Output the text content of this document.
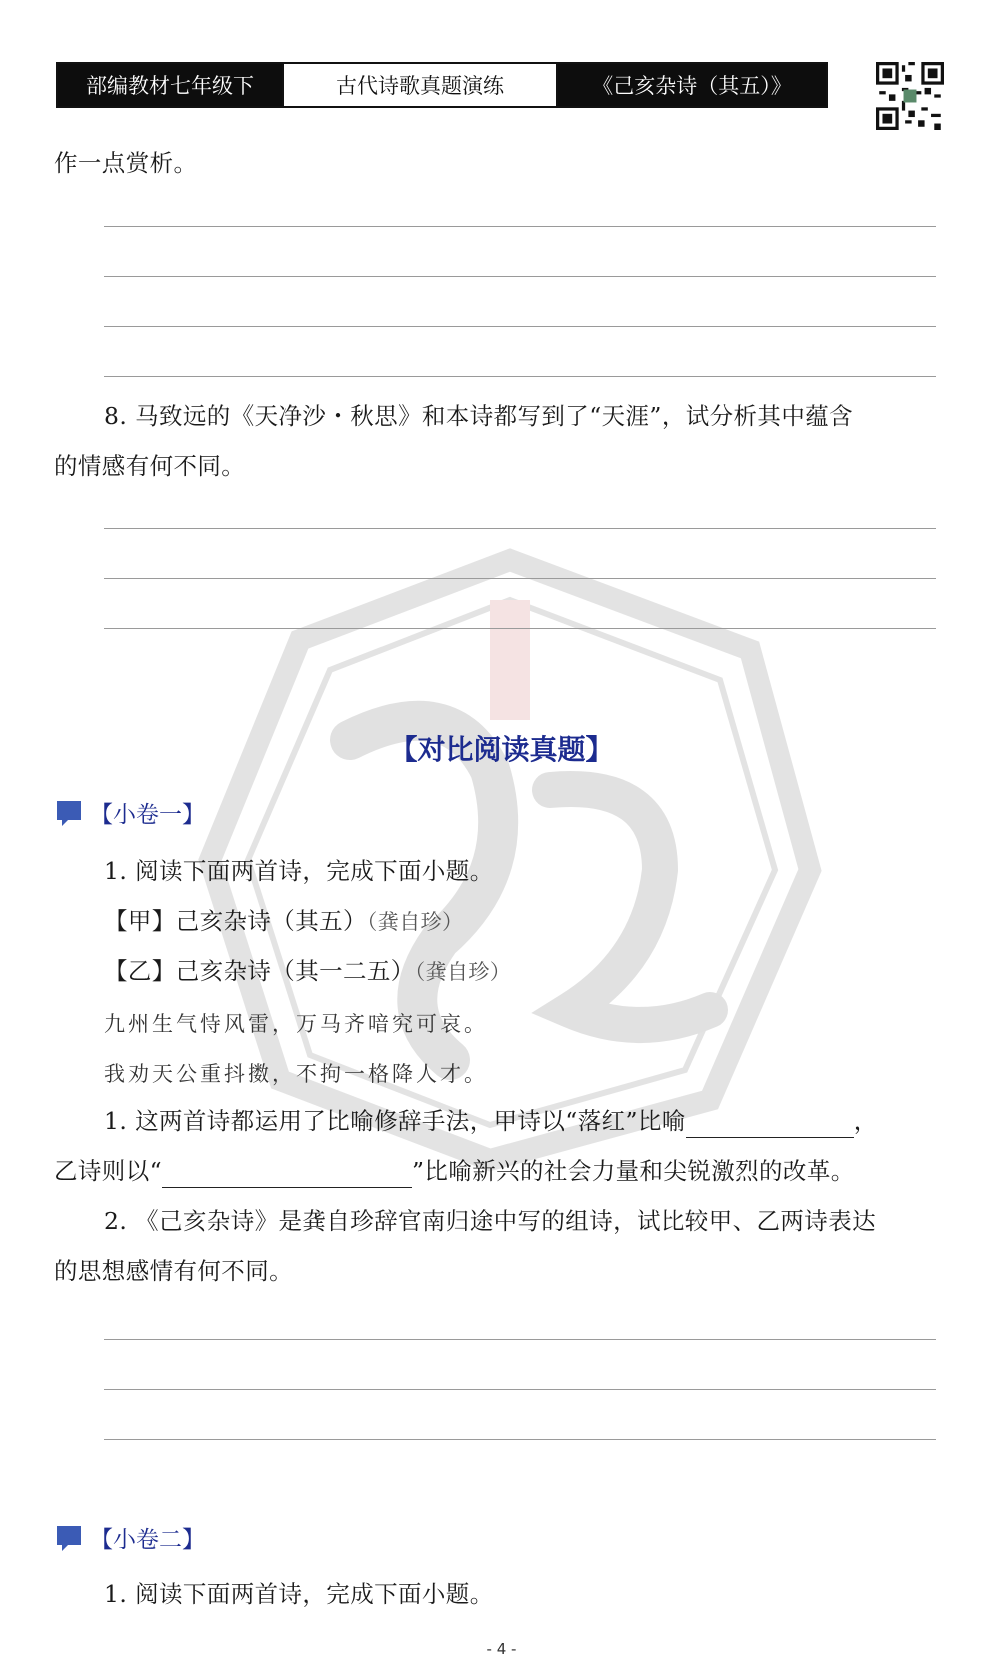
部编教材七年级下	古代诗歌真题演练	《己亥杂诗（其五）》
作一点赏析。
8. 马致远的《天净沙・秋思》和本诗都写到了“天涯”，试分析其中蕴含
的情感有何不同。
【对比阅读真题】
【小卷一】
1. 阅读下面两首诗，完成下面小题。
【甲】己亥杂诗（其五）（龚自珍）
【乙】己亥杂诗（其一二五）（龚自珍）
九州生气恃风雷，万马齐喑究可哀。
我劝天公重抖擞，不拘一格降人才。
1. 这两首诗都运用了比喻修辞手法，甲诗以“落红”比喻	，
乙诗则以“	”比喻新兴的社会力量和尖锐激烈的改革。
2. 《己亥杂诗》是龚自珍辞官南归途中写的组诗，试比较甲、乙两诗表达
的思想感情有何不同。
【小卷二】
1. 阅读下面两首诗，完成下面小题。
- 4 -
